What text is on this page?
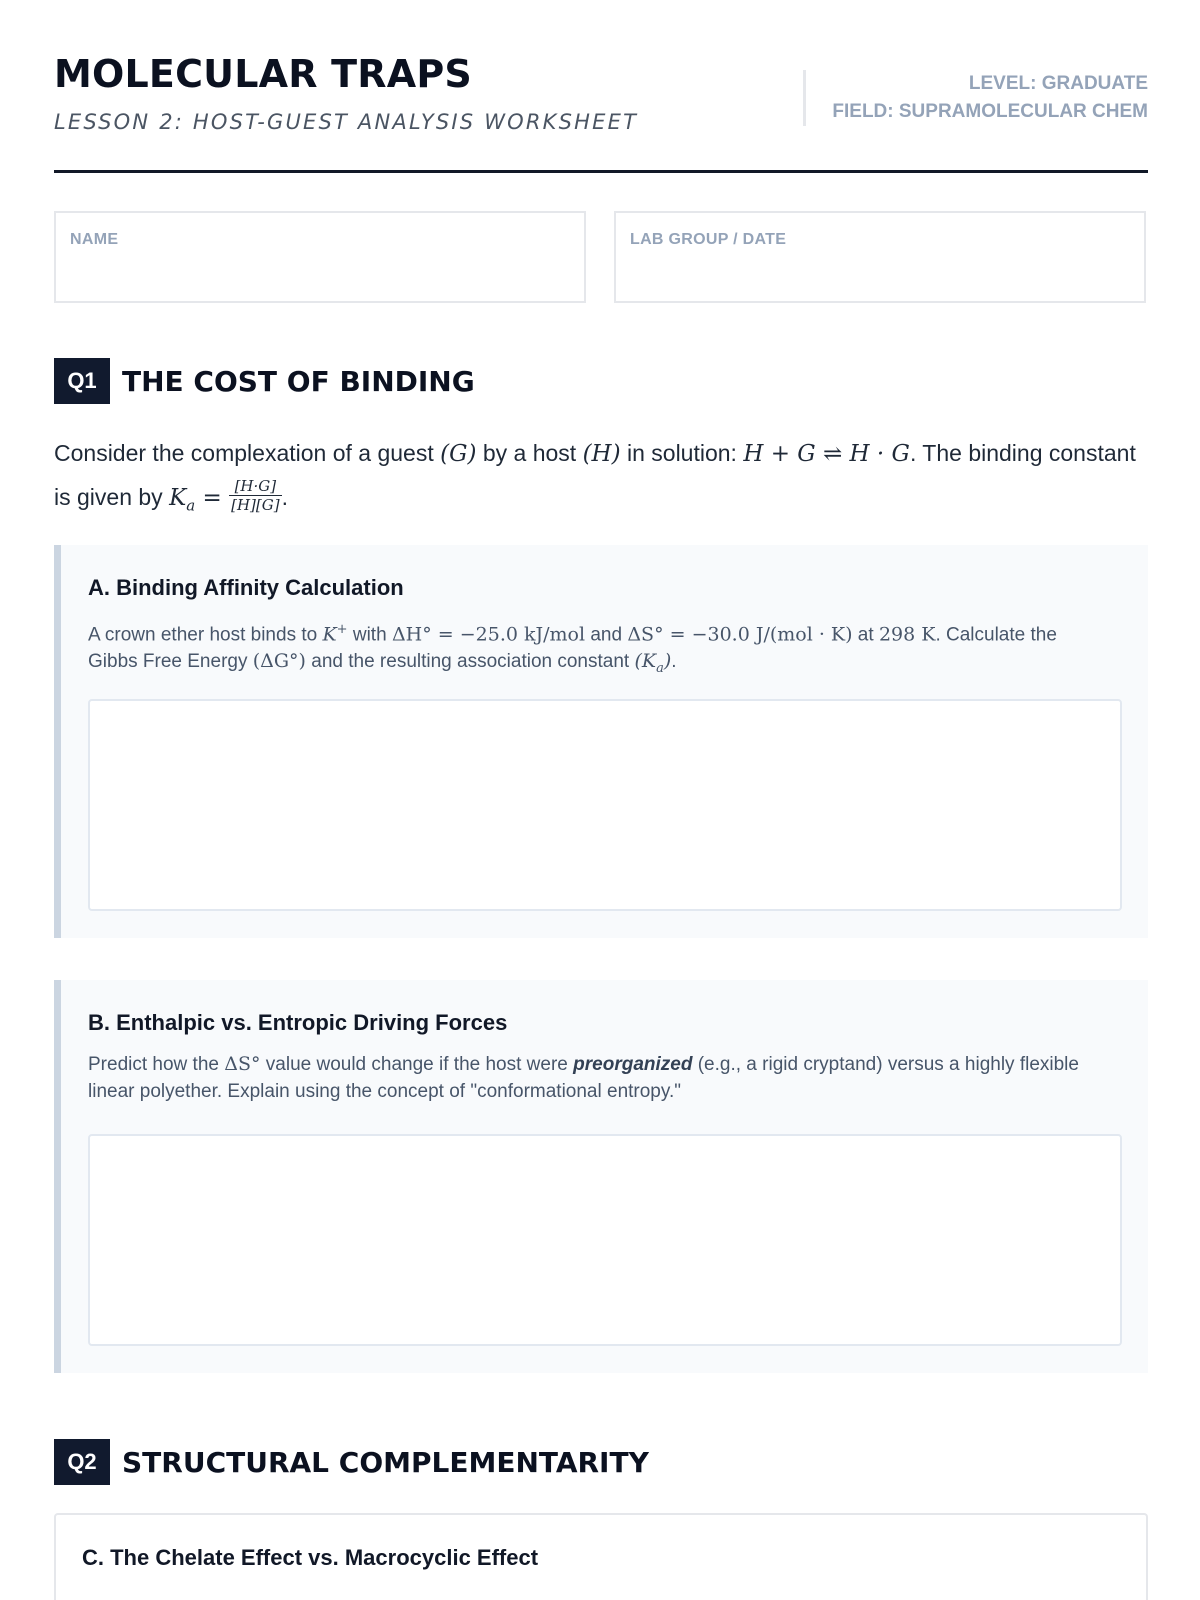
MOLECULAR TRAPS
LESSON 2: HOST-GUEST ANALYSIS WORKSHEET
LEVEL: GRADUATE
FIELD: SUPRAMOLECULAR CHEM
NAME	LAB GROUP / DATE
Q1 THE COST OF BINDING
Consider the complexation of a guest (G) by a host (H) in solution: H + G ⇌ H · G. The binding constant is given by $K_a = \frac{[H\cdot G]}{[H][G]}$ .
A. Binding Affinity Calculation
A crown ether host binds to K+ with ΔH° = −25.0 kJ/mol and ΔS° = −30.0 J/(mol · K) at 298 K. Calculate the Gibbs Free Energy (ΔG°) and the resulting association constant $(K_a)$.
B. Enthalpic vs. Entropic Driving Forces
Predict how the ΔS° value would change if the host were preorganized (e.g., a rigid cryptand) versus a highly flexible linear polyether. Explain using the concept of "conformational entropy."
Q2 STRUCTURAL COMPLEMENTARITY
C. The Chelate Effect vs. Macrocyclic Effect
